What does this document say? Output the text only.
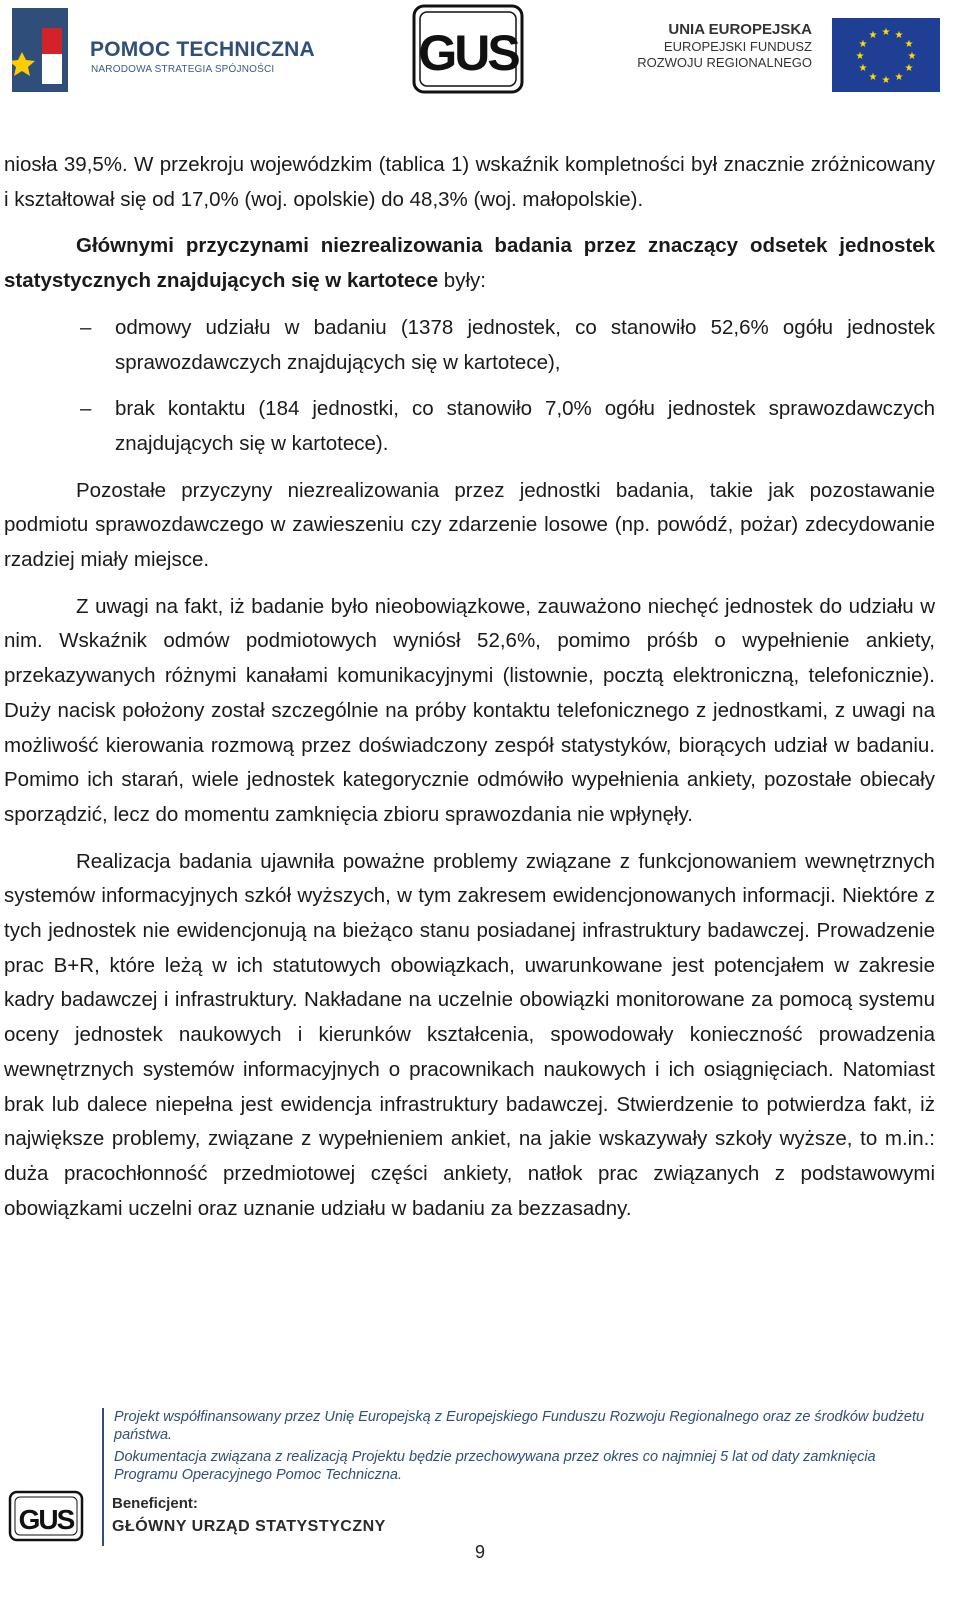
POMOC TECHNICZNA
NARODOWA STRATEGIA SPÓJNOŚCI	GUS	UNIA EUROPEJSKA
EUROPEJSKI FUNDUSZ
ROZWOJU REGIONALNEGO
★ ★
★
★
★
★
★
★
★
★
★
★

niosła 39,5%. W przekroju wojewódzkim (tablica 1) wskaźnik kompletności był znacznie zróżnicowany i kształtował się od 17,0% (woj. opolskie) do 48,3% (woj. małopolskie).

Głównymi przyczynami niezrealizowania badania przez znaczący odsetek jednostek statystycznych znajdujących się w kartotece były:

– odmowy udziału w badaniu (1378 jednostek, co stanowiło 52,6% ogółu jednostek sprawozdawczych znajdujących się w kartotece),
– brak kontaktu (184 jednostki, co stanowiło 7,0% ogółu jednostek sprawozdawczych znajdujących się w kartotece).

Pozostałe przyczyny niezrealizowania przez jednostki badania, takie jak pozostawanie podmiotu sprawozdawczego w zawieszeniu czy zdarzenie losowe (np. powódź, pożar) zdecydowanie rzadziej miały miejsce.

Z uwagi na fakt, iż badanie było nieobowiązkowe, zauważono niechęć jednostek do udziału w nim. Wskaźnik odmów podmiotowych wyniósł 52,6%, pomimo próśb o wypełnienie ankiety, przekazywanych różnymi kanałami komunikacyjnymi (listownie, pocztą elektroniczną, telefonicznie). Duży nacisk położony został szczególnie na próby kontaktu telefonicznego z jednostkami, z uwagi na możliwość kierowania rozmową przez doświadczony zespół statystyków, biorących udział w badaniu. Pomimo ich starań, wiele jednostek kategorycznie odmówiło wypełnienia ankiety, pozostałe obiecały sporządzić, lecz do momentu zamknięcia zbioru sprawozdania nie wpłynęły.

Realizacja badania ujawniła poważne problemy związane z funkcjonowaniem wewnętrznych systemów informacyjnych szkół wyższych, w tym zakresem ewidencjonowanych informacji. Niektóre z tych jednostek nie ewidencjonują na bieżąco stanu posiadanej infrastruktury badawczej. Prowadzenie prac B+R, które leżą w ich statutowych obowiązkach, uwarunkowane jest potencjałem w zakresie kadry badawczej i infrastruktury. Nakładane na uczelnie obowiązki monitorowane za pomocą systemu oceny jednostek naukowych i kierunków kształcenia, spowodowały konieczność prowadzenia wewnętrznych systemów informacyjnych o pracownikach naukowych i ich osiągnięciach. Natomiast brak lub dalece niepełna jest ewidencja infrastruktury badawczej. Stwierdzenie to potwierdza fakt, iż największe problemy, związane z wypełnieniem ankiet, na jakie wskazywały szkoły wyższe, to m.in.: duża pracochłonność przedmiotowej części ankiety, natłok prac związanych z podstawowymi obowiązkami uczelni oraz uznanie udziału w badaniu za bezzasadny.

Projekt współfinansowany przez Unię Europejską z Europejskiego Funduszu Rozwoju Regionalnego oraz ze środków budżetu państwa.
Dokumentacja związana z realizacją Projektu będzie przechowywana przez okres co najmniej 5 lat od daty zamknięcia Programu Operacyjnego Pomoc Techniczna.
GUS
Beneficjent:
GŁÓWNY URZĄD STATYSTYCZNY
9
